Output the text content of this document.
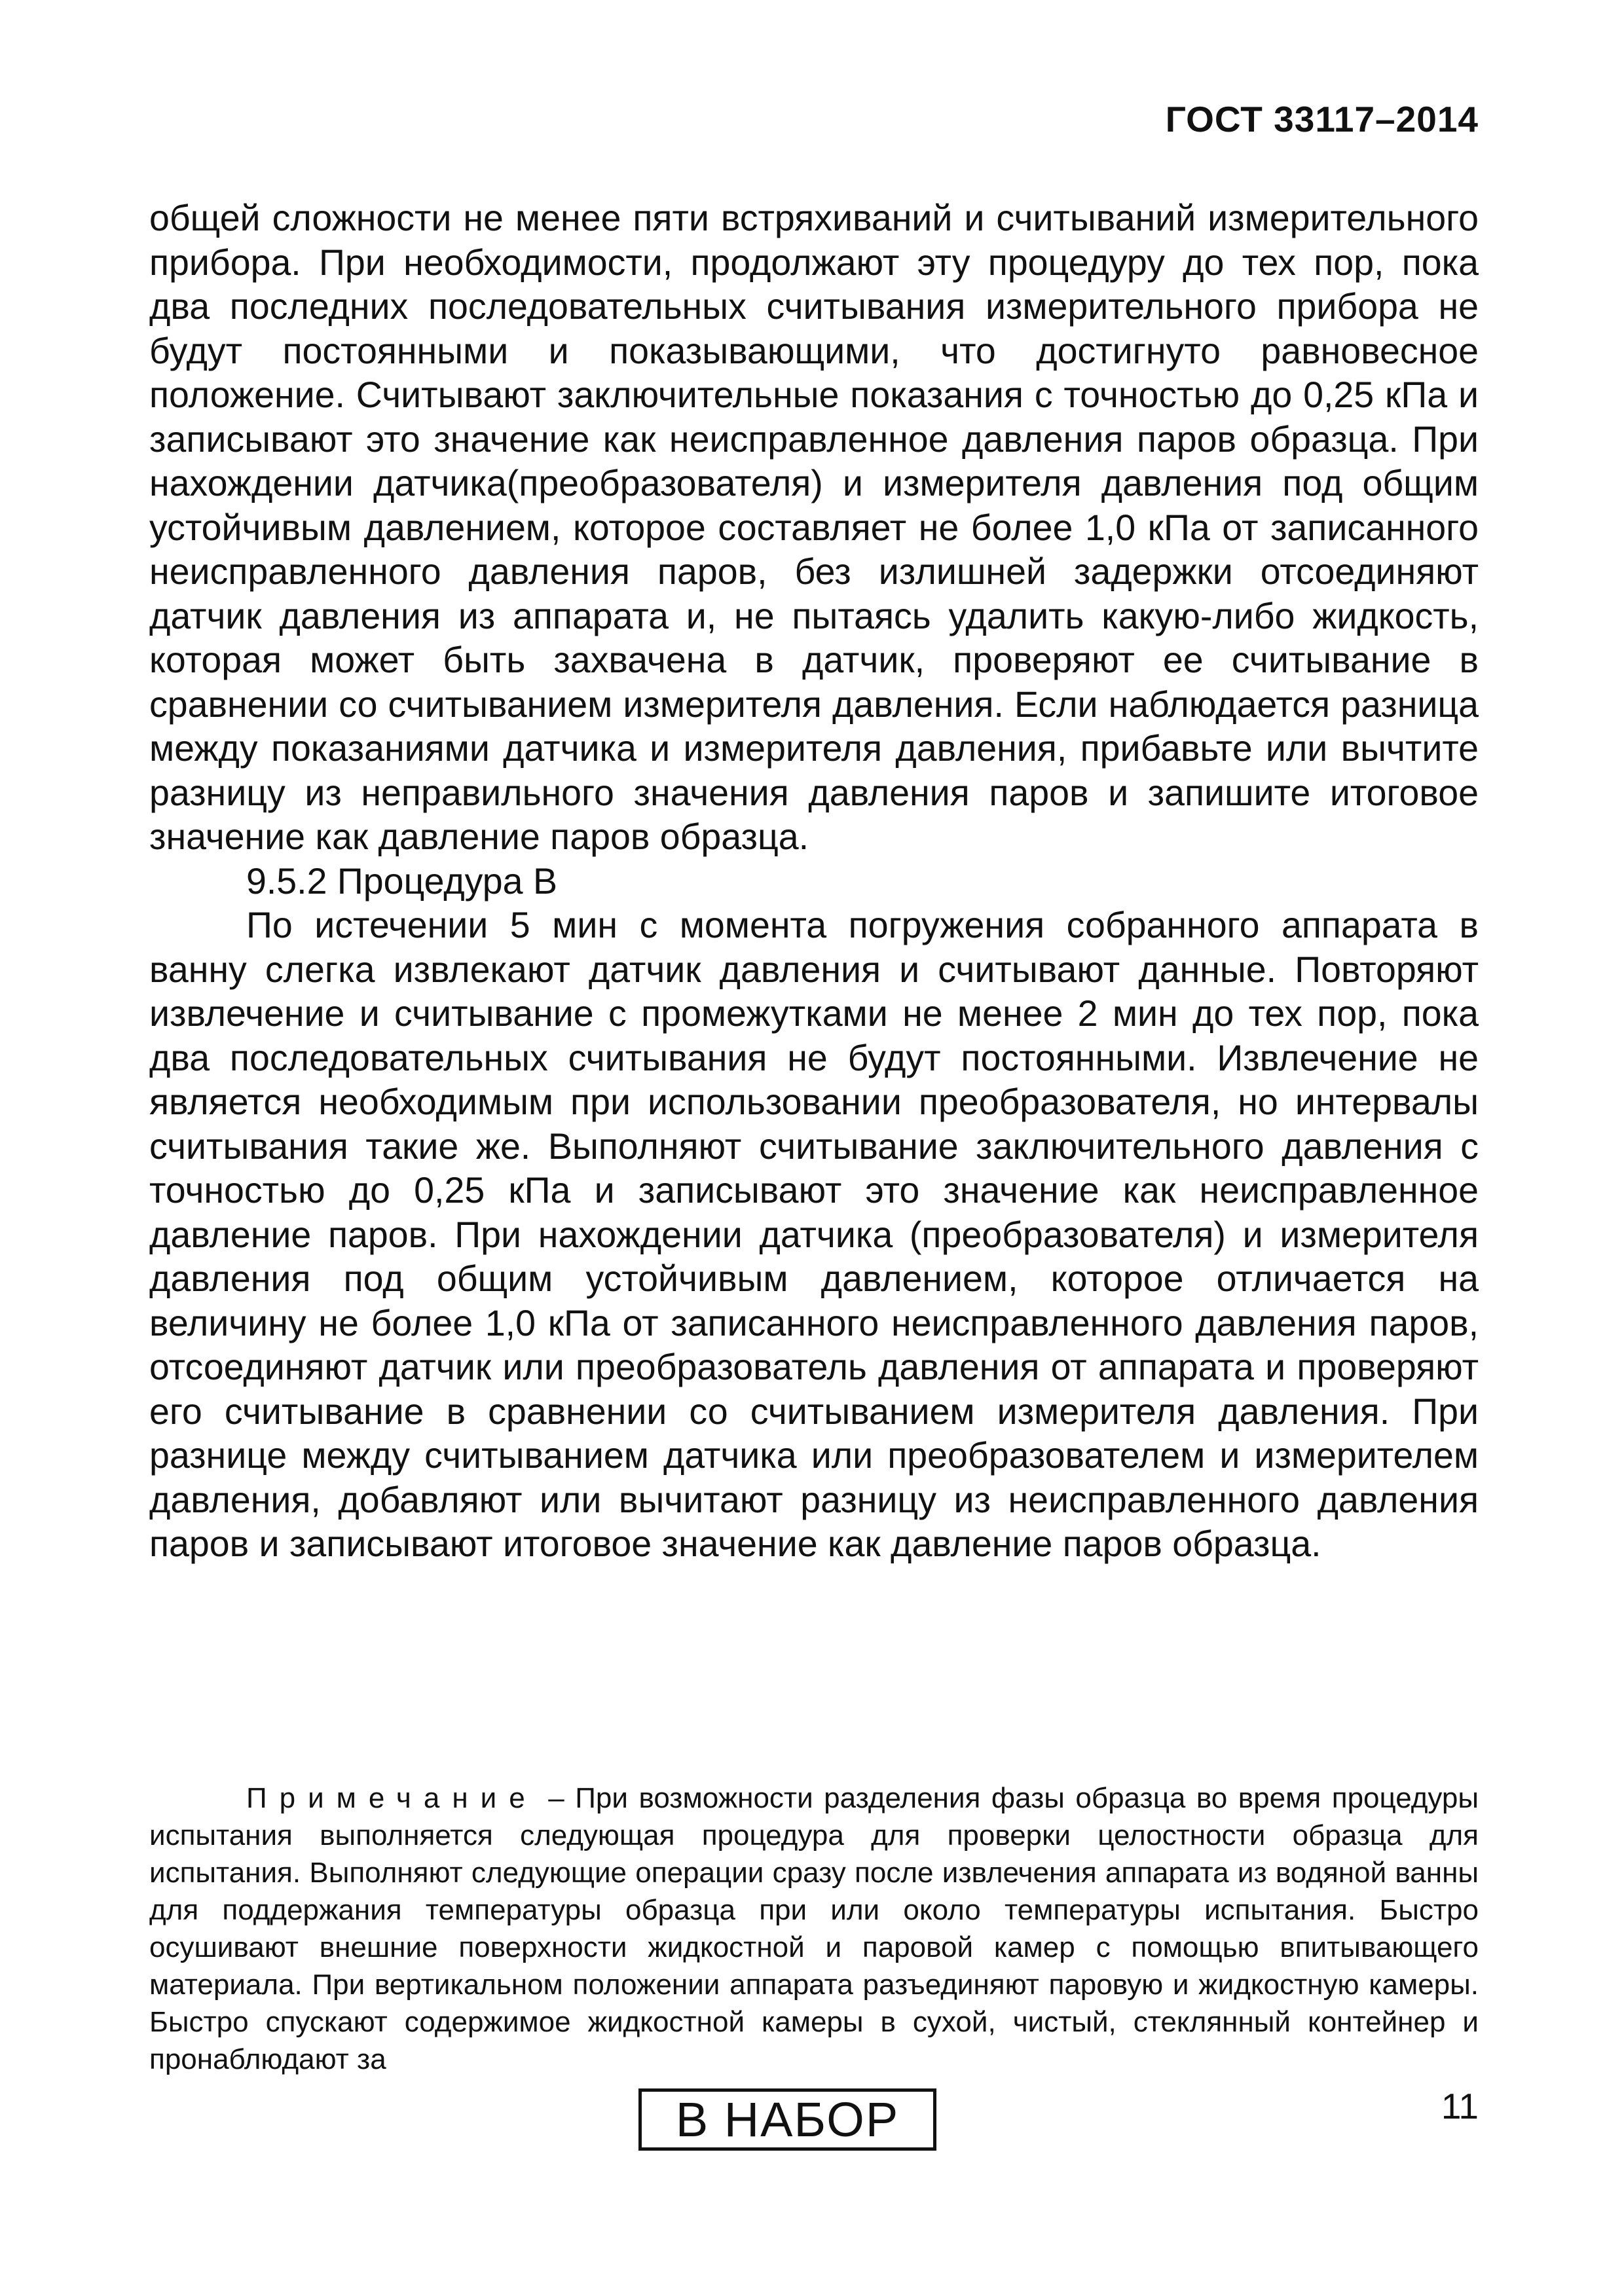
ГОСТ 33117–2014

общей сложности не менее пяти встряхиваний и считываний измерительного прибора. При необходимости, продолжают эту процедуру до тех пор, пока два последних последовательных считывания измерительного прибора не будут постоянными и показывающими, что достигнуто равновесное положение. Считывают заключительные показания с точностью до 0,25 кПа и записывают это значение как неисправленное давления паров образца. При нахождении датчика(преобразователя) и измерителя давления под общим устойчивым давлением, которое составляет не более 1,0 кПа от записанного неисправленного давления паров, без излишней задержки отсоединяют датчик давления из аппарата и, не пытаясь удалить какую-либо жидкость, которая может быть захвачена в датчик, проверяют ее считывание в сравнении со считыванием измерителя давления. Если наблюдается разница между показаниями датчика и измерителя давления, прибавьте или вычтите разницу из неправильного значения давления паров и запишите итоговое значение как давление паров образца.

9.5.2 Процедура В

По истечении 5 мин с момента погружения собранного аппарата в ванну слегка извлекают датчик давления и считывают данные. Повторяют извлечение и считывание с промежутками не менее 2 мин до тех пор, пока два последовательных считывания не будут постоянными. Извлечение не является необходимым при использовании преобразователя, но интервалы считывания такие же. Выполняют считывание заключительного давления с точностью до 0,25 кПа и записывают это значение как неисправленное давление паров. При нахождении датчика (преобразователя) и измерителя давления под общим устойчивым давлением, которое отличается на величину не более 1,0 кПа от записанного неисправленного давления паров, отсоединяют датчик или преобразователь давления от аппарата и проверяют его считывание в сравнении со считыванием измерителя давления. При разнице между считыванием датчика или преобразователем и измерителем давления, добавляют или вычитают разницу из неисправленного давления паров и записывают итоговое значение как давление паров образца.

Примечание – При возможности разделения фазы образца во время процедуры испытания выполняется следующая процедура для проверки целостности образца для испытания. Выполняют следующие операции сразу после извлечения аппарата из водяной ванны для поддержания температуры образца при или около температуры испытания. Быстро осушивают внешние поверхности жидкостной и паровой камер с помощью впитывающего материала. При вертикальном положении аппарата разъединяют паровую и жидкостную камеры. Быстро спускают содержимое жидкостной камеры в сухой, чистый, стеклянный контейнер и пронаблюдают за

11
В НАБОР
